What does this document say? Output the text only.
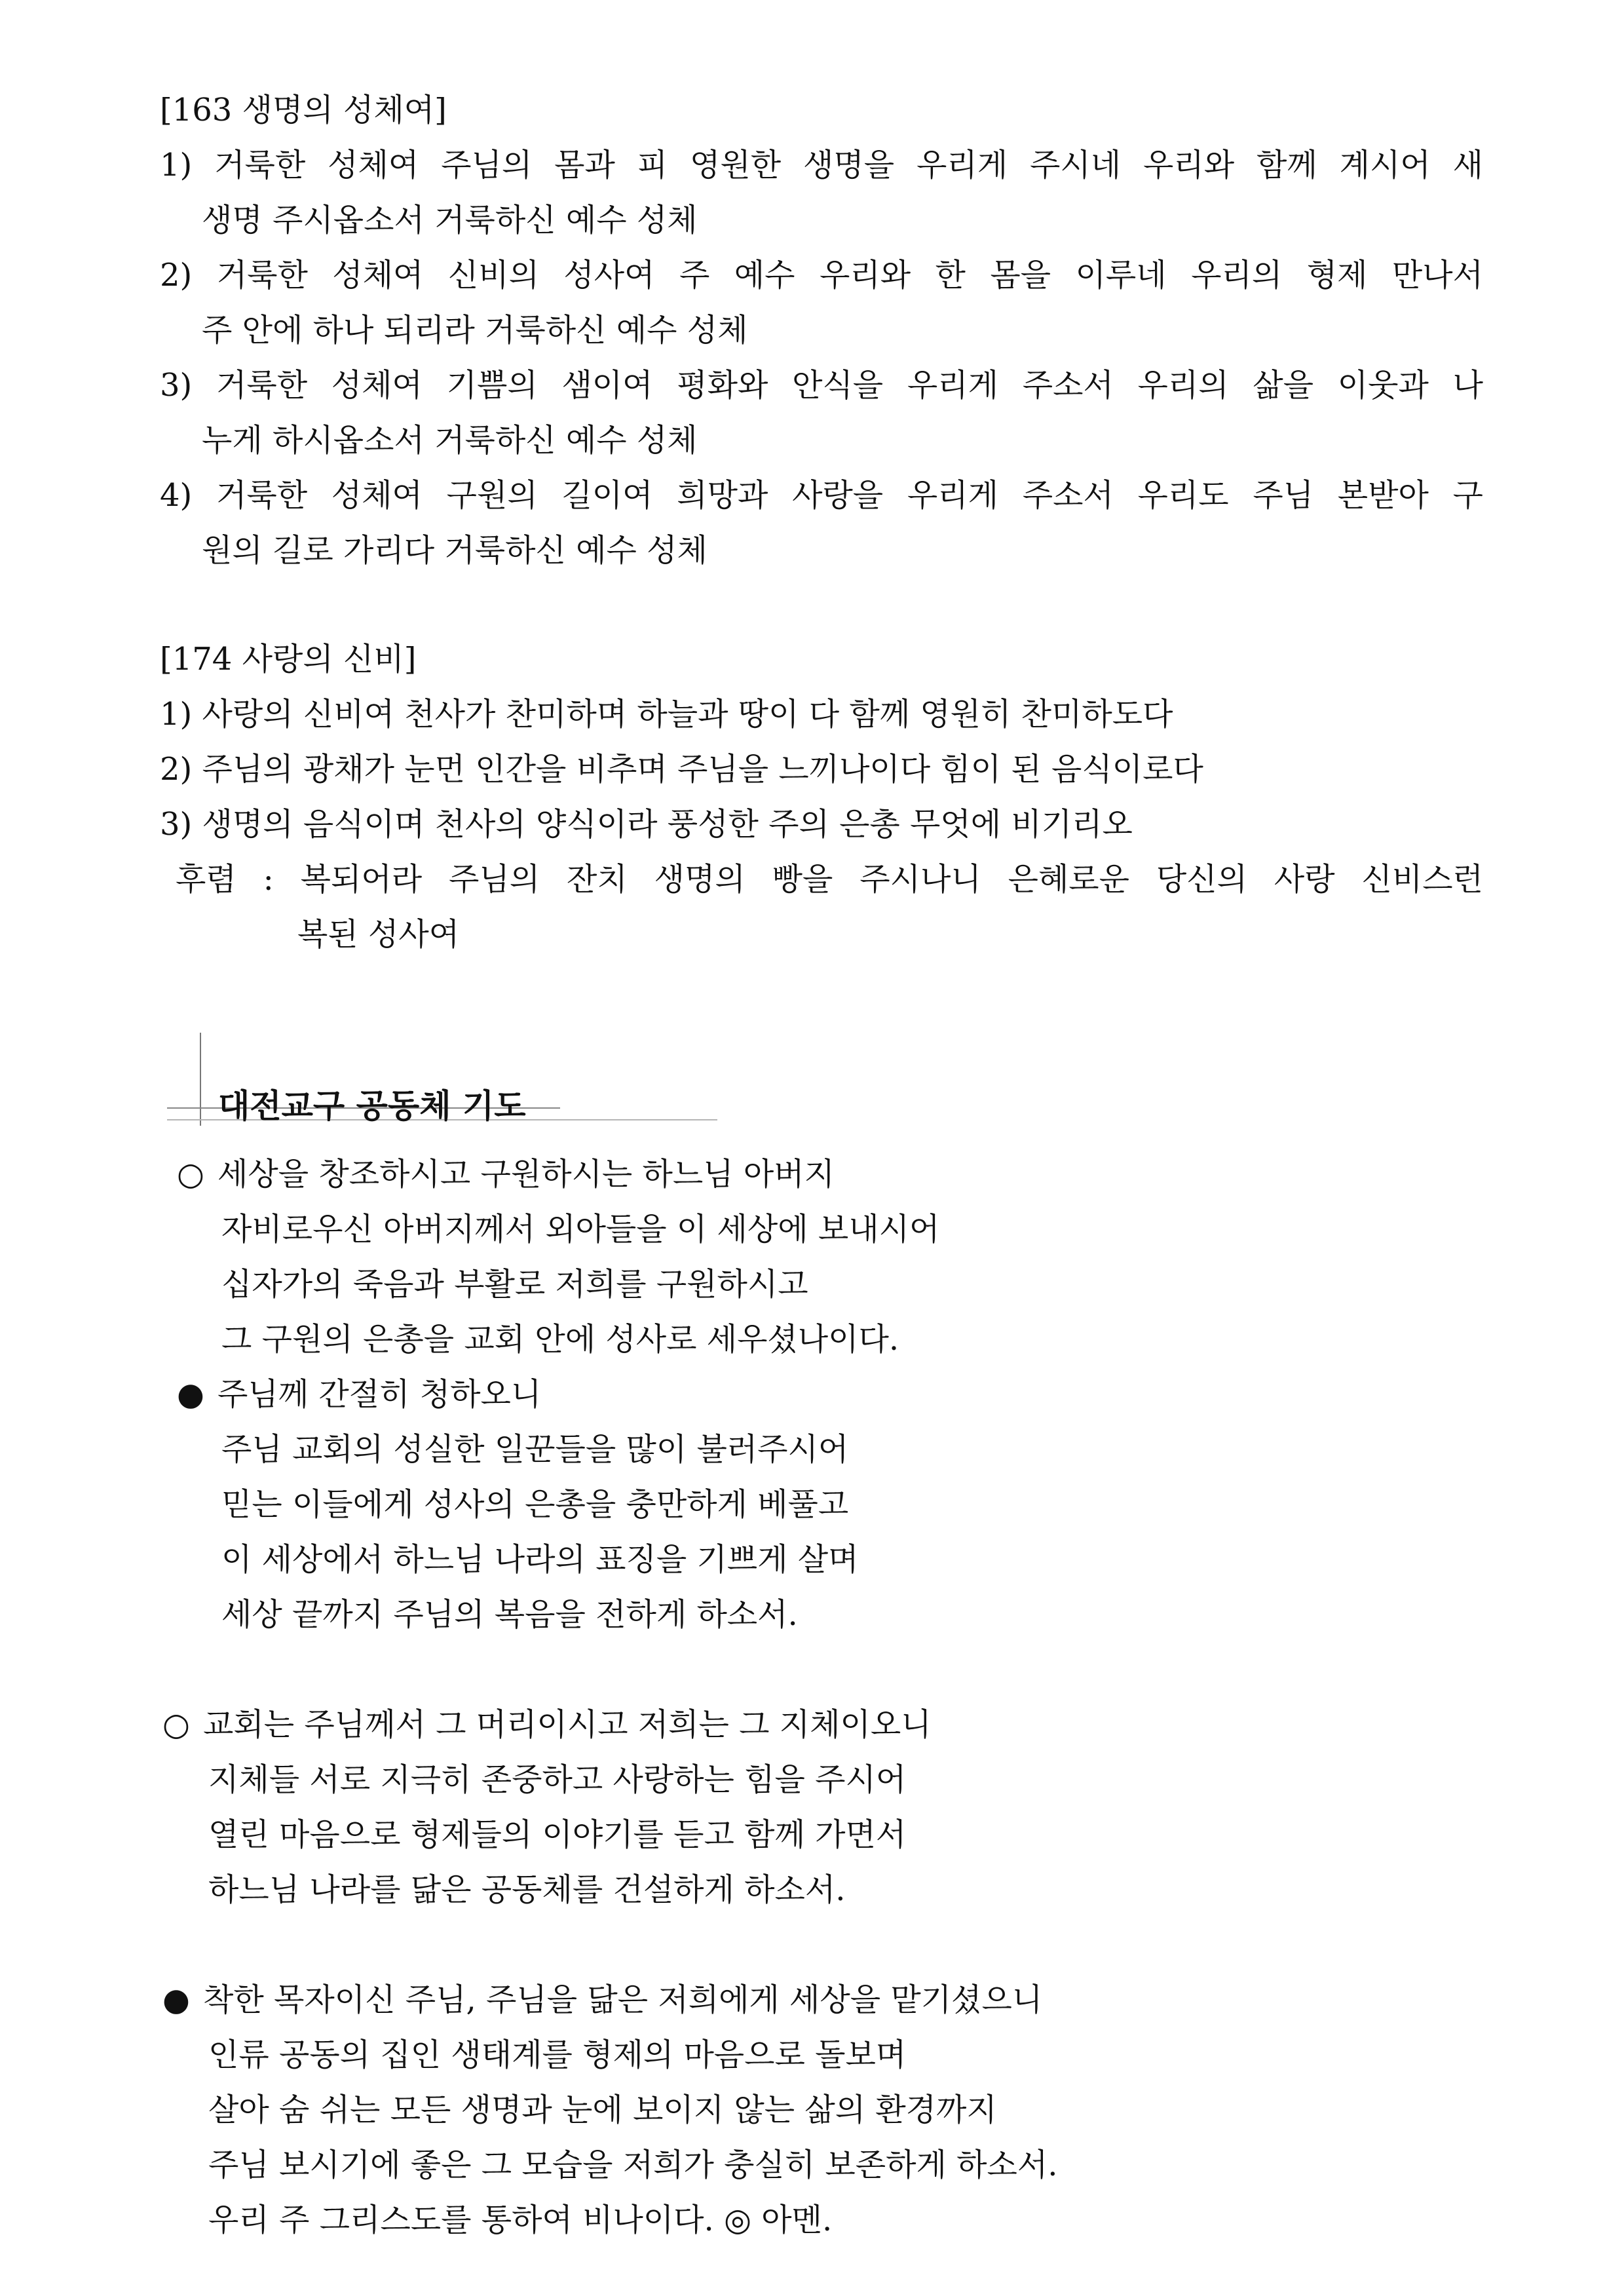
[163 생명의 성체여]

1) 거룩한 성체여 주님의 몸과 피 영원한 생명을 우리게 주시네 우리와 함께 계시어 새

생명 주시옵소서 거룩하신 예수 성체

2) 거룩한 성체여 신비의 성사여 주 예수 우리와 한 몸을 이루네 우리의 형제 만나서

주 안에 하나 되리라 거룩하신 예수 성체

3) 거룩한 성체여 기쁨의 샘이여 평화와 안식을 우리게 주소서 우리의 삶을 이웃과 나

누게 하시옵소서 거룩하신 예수 성체

4) 거룩한 성체여 구원의 길이여 희망과 사랑을 우리게 주소서 우리도 주님 본받아 구

원의 길로 가리다 거룩하신 예수 성체

[174 사랑의 신비]

1) 사랑의 신비여 천사가 찬미하며 하늘과 땅이 다 함께 영원히 찬미하도다

2) 주님의 광채가 눈먼 인간을 비추며 주님을 느끼나이다 힘이 된 음식이로다

3) 생명의 음식이며 천사의 양식이라 풍성한 주의 은총 무엇에 비기리오

후렴 : 복되어라 주님의 잔치 생명의 빵을 주시나니 은혜로운 당신의 사랑 신비스런

복된 성사여

대전교구 공동체 기도

○ 세상을 창조하시고 구원하시는 하느님 아버지

자비로우신 아버지께서 외아들을 이 세상에 보내시어

십자가의 죽음과 부활로 저희를 구원하시고

그 구원의 은총을 교회 안에 성사로 세우셨나이다.

● 주님께 간절히 청하오니

주님 교회의 성실한 일꾼들을 많이 불러주시어

믿는 이들에게 성사의 은총을 충만하게 베풀고

이 세상에서 하느님 나라의 표징을 기쁘게 살며

세상 끝까지 주님의 복음을 전하게 하소서.

○ 교회는 주님께서 그 머리이시고 저희는 그 지체이오니

지체들 서로 지극히 존중하고 사랑하는 힘을 주시어

열린 마음으로 형제들의 이야기를 듣고 함께 가면서

하느님 나라를 닮은 공동체를 건설하게 하소서.

● 착한 목자이신 주님, 주님을 닮은 저희에게 세상을 맡기셨으니

인류 공동의 집인 생태계를 형제의 마음으로 돌보며

살아 숨 쉬는 모든 생명과 눈에 보이지 않는 삶의 환경까지

주님 보시기에 좋은 그 모습을 저희가 충실히 보존하게 하소서.

우리 주 그리스도를 통하여 비나이다. ◎ 아멘.
